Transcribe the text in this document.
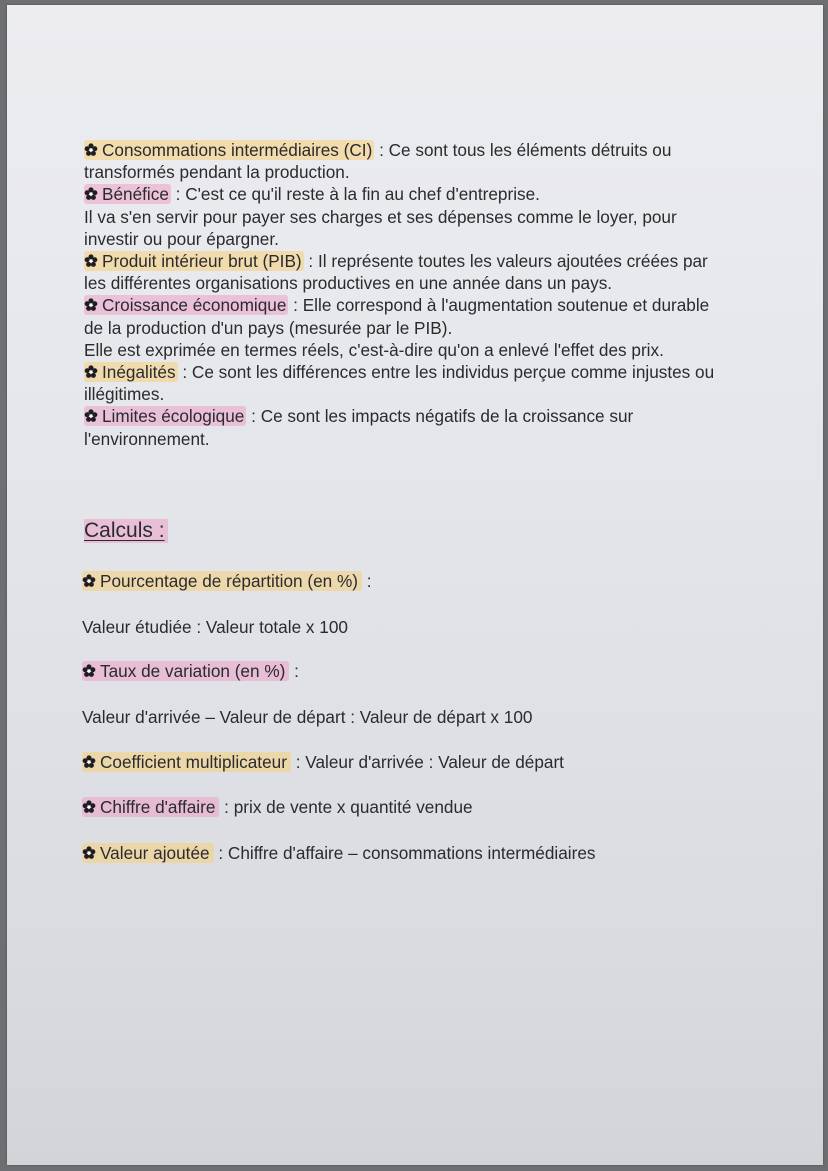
Consommations intermédiaires (CI) : Ce sont tous les éléments détruits ou transformés pendant la production.

Bénéfice : C'est ce qu'il reste à la fin au chef d'entreprise.
Il va s'en servir pour payer ses charges et ses dépenses comme le loyer, pour investir ou pour épargner.

Produit intérieur brut (PIB) : Il représente toutes les valeurs ajoutées créées par les différentes organisations productives en une année dans un pays.

Croissance économique : Elle correspond à l'augmentation soutenue et durable de la production d'un pays (mesurée par le PIB).
Elle est exprimée en termes réels, c'est-à-dire qu'on a enlevé l'effet des prix.

Inégalités : Ce sont les différences entre les individus perçue comme injustes ou illégitimes.

Limites écologique : Ce sont les impacts négatifs de la croissance sur l'environnement.

Calculs :
Pourcentage de répartition (en %) :
Valeur étudiée : Valeur totale x 100
Taux de variation (en %) :
Valeur d'arrivée – Valeur de départ : Valeur de départ x 100
Coefficient multiplicateur : Valeur d'arrivée : Valeur de départ
Chiffre d'affaire : prix de vente x quantité vendue
Valeur ajoutée : Chiffre d'affaire – consommations intermédiaires
